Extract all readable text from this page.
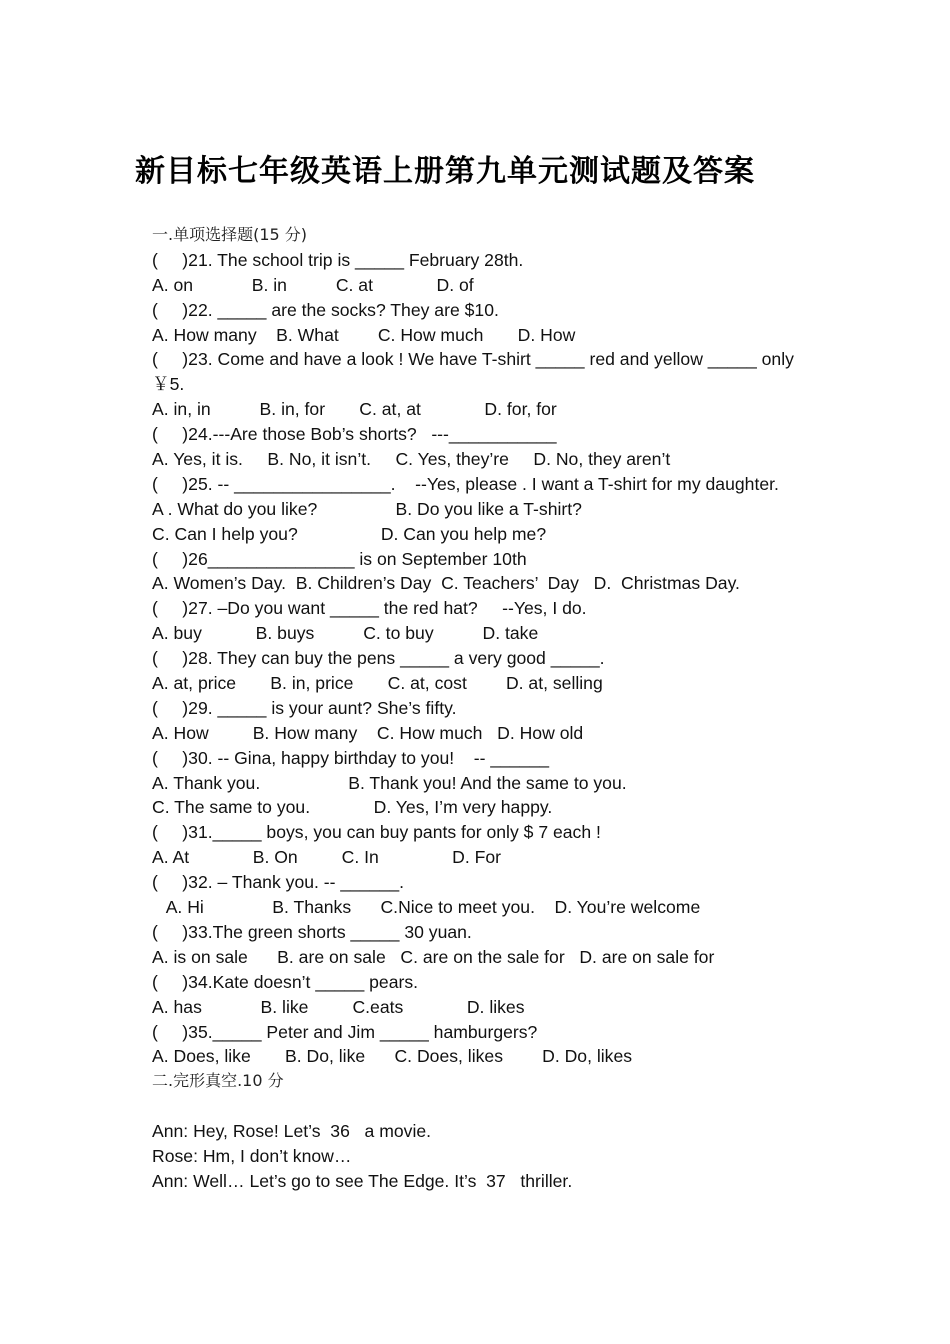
新目标七年级英语上册第九单元测试题及答案
一.单项选择题(15 分)
(     )21. The school trip is _____ February 28th.
A. on            B. in          C. at             D. of
(     )22. _____ are the socks? They are $10.
A. How many    B. What        C. How much       D. How
(     )23. Come and have a look ! We have T-shirt _____ red and yellow _____ only
￥5.
A. in, in          B. in, for       C. at, at             D. for, for
(     )24.---Are those Bob’s shorts?   ---___________
A. Yes, it is.     B. No, it isn’t.     C. Yes, they’re     D. No, they aren’t
(     )25. -- ________________.    --Yes, please . I want a T-shirt for my daughter.
A . What do you like?                B. Do you like a T-shirt?
C. Can I help you?                 D. Can you help me?
(     )26_______________ is on September 10th
A. Women’s Day.  B. Children’s Day  C. Teachers’  Day   D.  Christmas Day.
(     )27. –Do you want _____ the red hat?     --Yes, I do.
A. buy           B. buys          C. to buy          D. take
(     )28. They can buy the pens _____ a very good _____.
A. at, price       B. in, price       C. at, cost        D. at, selling
(     )29. _____ is your aunt? She’s fifty.
A. How         B. How many    C. How much   D. How old
(     )30. -- Gina, happy birthday to you!    -- ______
A. Thank you.                  B. Thank you! And the same to you.
C. The same to you.             D. Yes, I’m very happy.
(     )31._____ boys, you can buy pants for only $ 7 each !
A. At             B. On         C. In               D. For
(     )32. – Thank you. -- ______.
A. Hi              B. Thanks      C.Nice to meet you.    D. You’re welcome
(     )33.The green shorts _____ 30 yuan.
A. is on sale      B. are on sale   C. are on the sale for   D. are on sale for
(     )34.Kate doesn’t _____ pears.
A. has            B. like         C.eats             D. likes
(     )35._____ Peter and Jim _____ hamburgers?
A. Does, like       B. Do, like      C. Does, likes        D. Do, likes
二.完形真空.10 分
Ann: Hey, Rose! Let’s  36   a movie.
Rose: Hm, I don’t know…
Ann: Well… Let’s go to see The Edge. It’s  37   thriller.
